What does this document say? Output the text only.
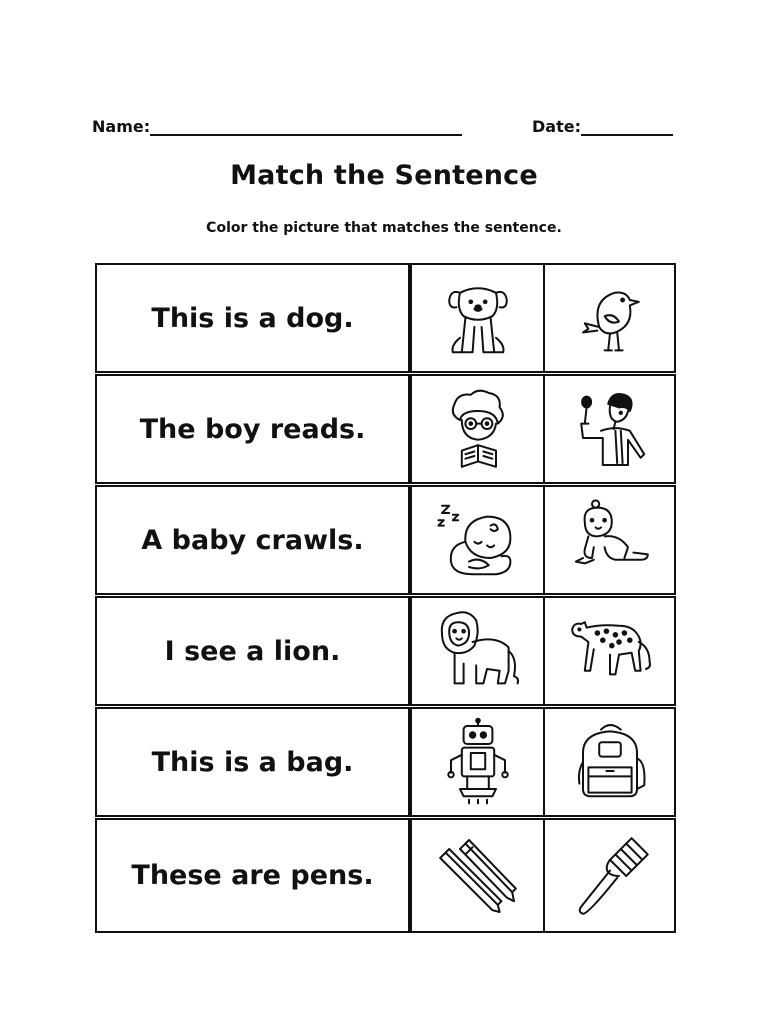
Name:	Date:
Match the Sentence
Color the picture that matches the sentence.
This is a dog.
The boy reads.
A baby crawls.
I see a lion.
This is a bag.
These are pens.
